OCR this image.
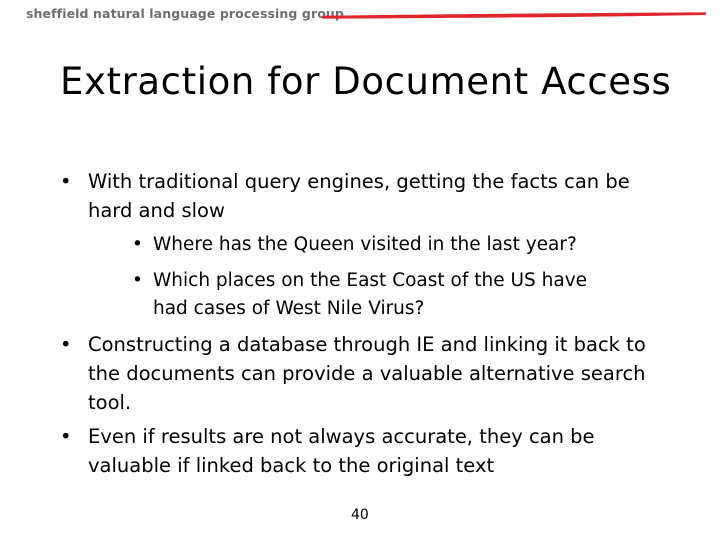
sheffield natural language processing group
Extraction for Document Access
• With traditional query engines, getting the facts can be
hard and slow
• Where has the Queen visited in the last year?
• Which places on the East Coast of the US have
had cases of West Nile Virus?
• Constructing a database through IE and linking it back to
the documents can provide a valuable alternative search
tool.
• Even if results are not always accurate, they can be
valuable if linked back to the original text
40
